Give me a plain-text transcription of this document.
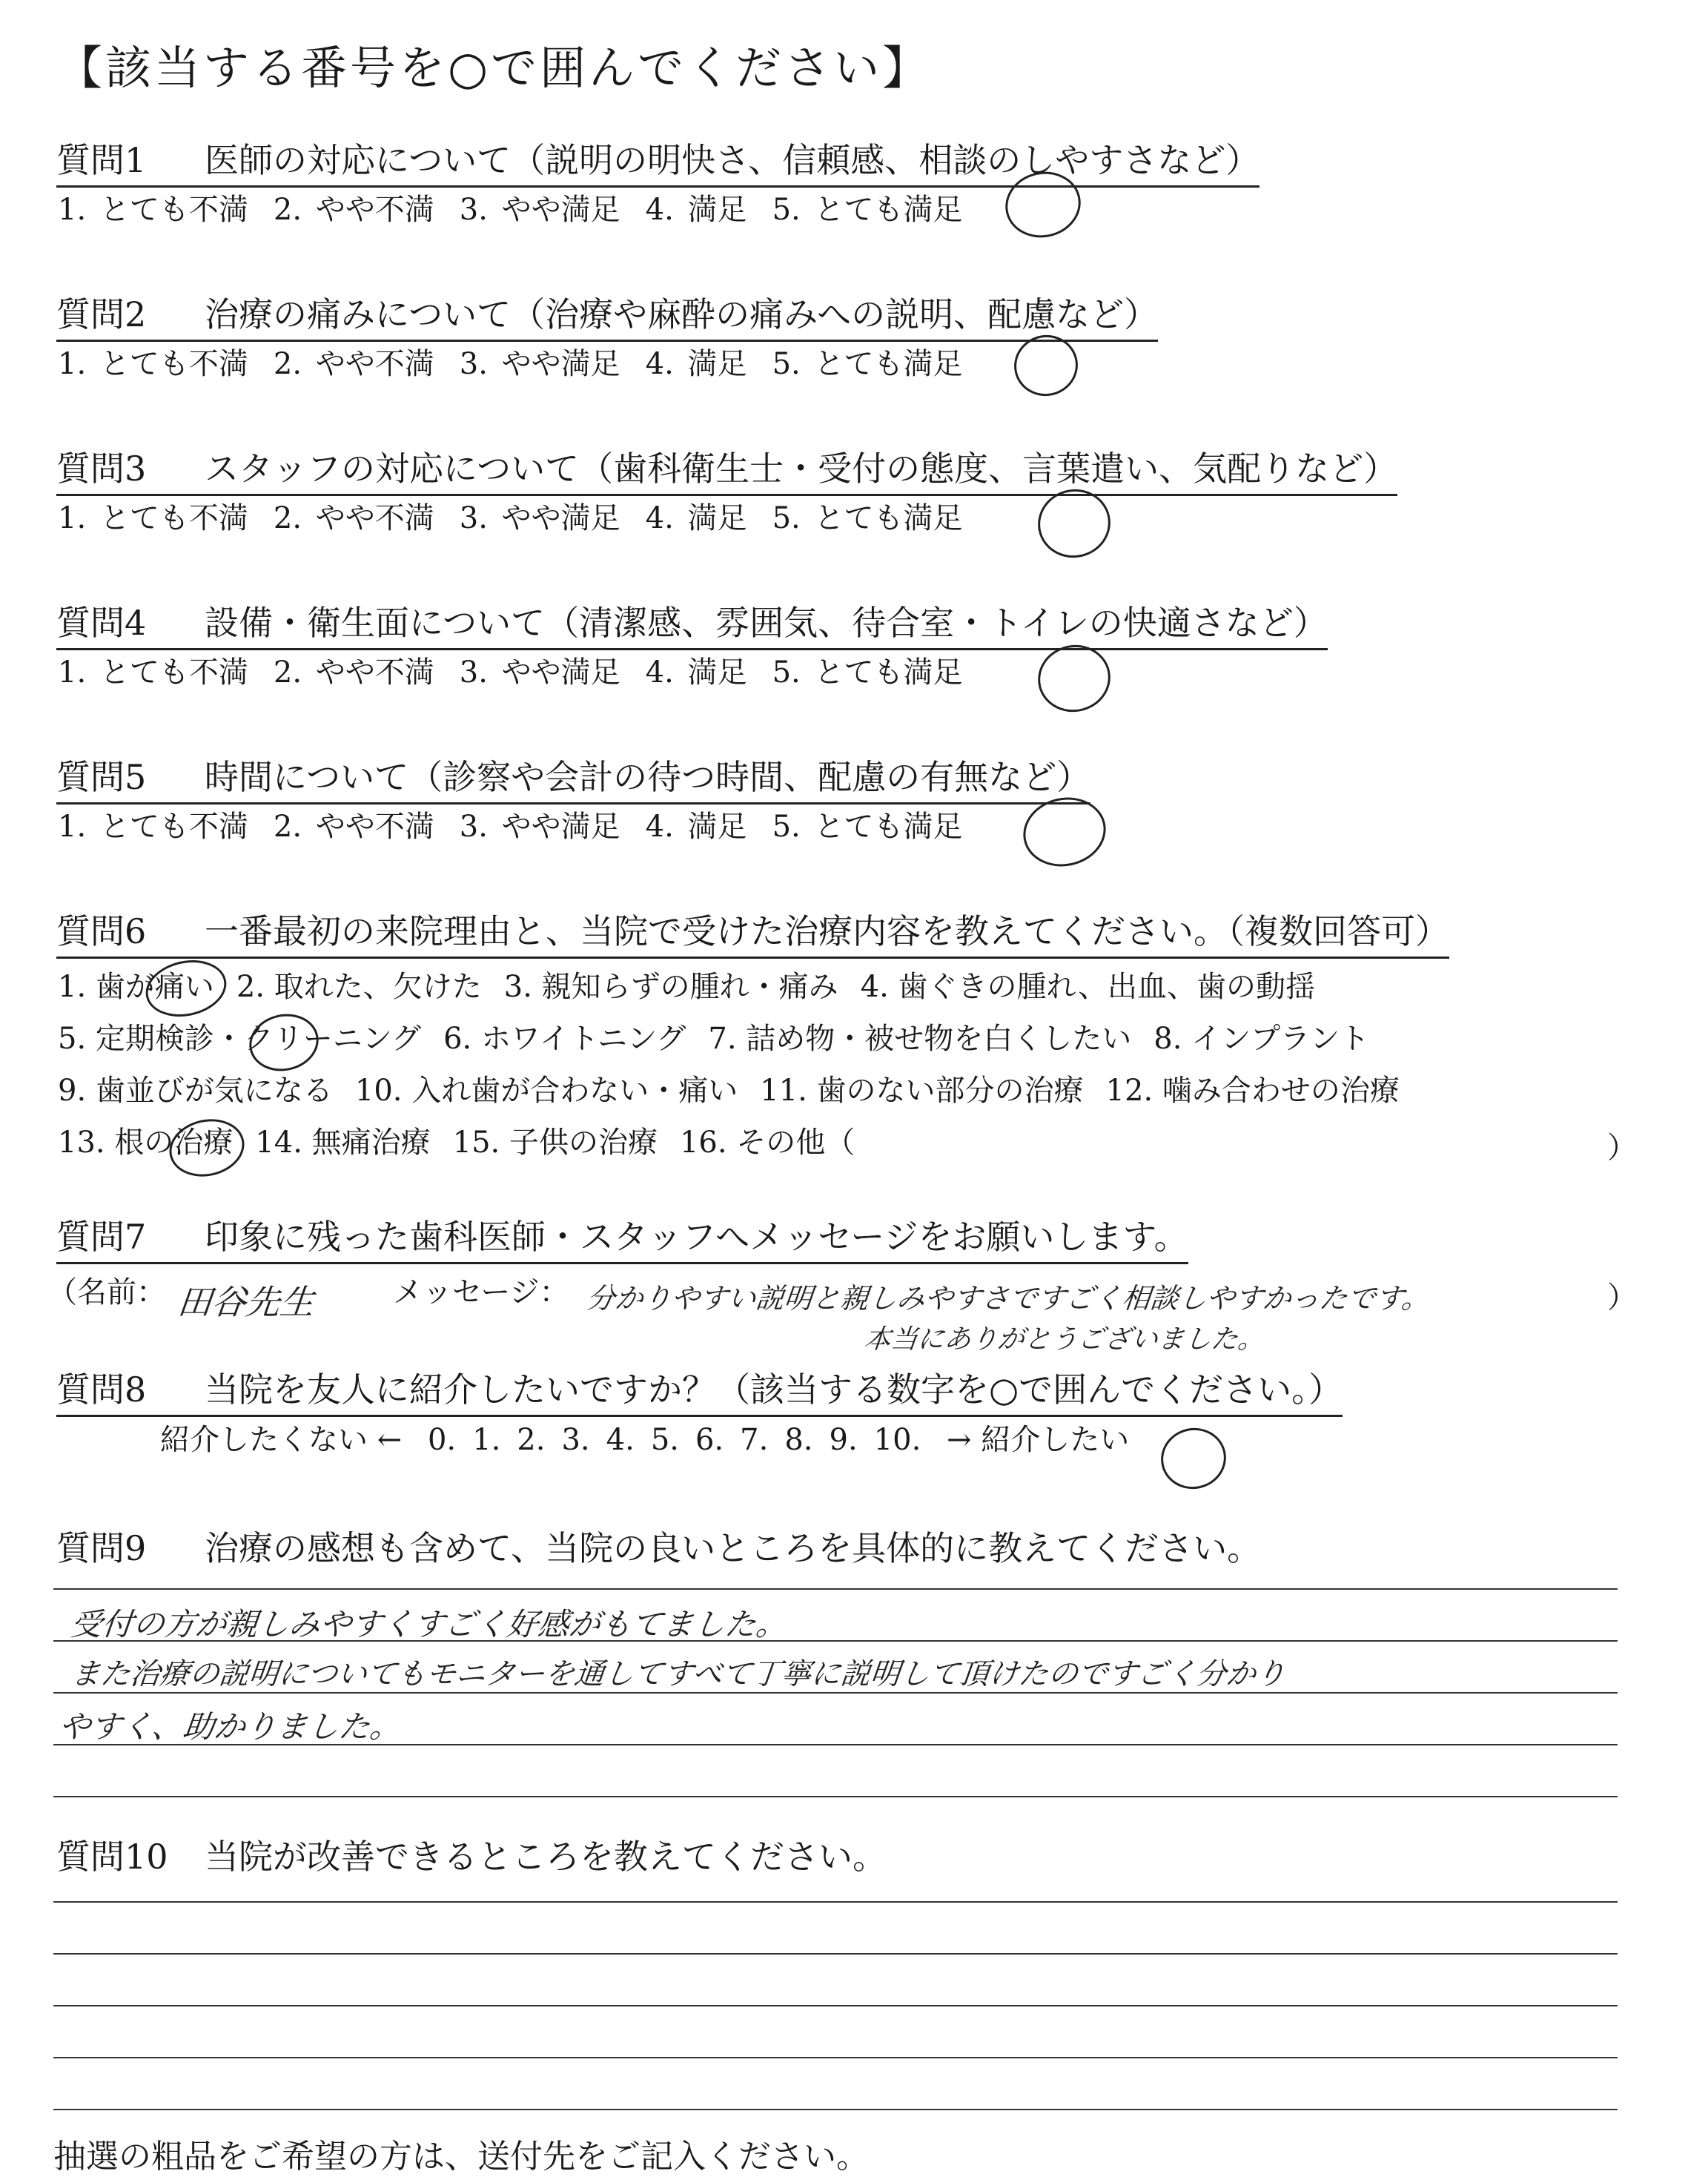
【該当する番号を○で囲んでください】
質問1 医師の対応について（説明の明快さ、信頼感、相談のしやすさなど）
1. とても不満 2. やや不満 3. やや満足 4. 満足 5. とても満足
質問2 治療の痛みについて（治療や麻酔の痛みへの説明、配慮など）
1. とても不満 2. やや不満 3. やや満足 4. 満足 5. とても満足
質問3 スタッフの対応について（歯科衛生士・受付の態度、言葉遣い、気配りなど）
1. とても不満 2. やや不満 3. やや満足 4. 満足 5. とても満足
質問4 設備・衛生面について（清潔感、雰囲気、待合室・トイレの快適さなど）
1. とても不満 2. やや不満 3. やや満足 4. 満足 5. とても満足
質問5 時間について（診察や会計の待つ時間、配慮の有無など）
1. とても不満 2. やや不満 3. やや満足 4. 満足 5. とても満足
質問6 一番最初の来院理由と、当院で受けた治療内容を教えてください。（複数回答可）
1. 歯が痛い 2. 取れた、欠けた 3. 親知らずの腫れ・痛み 4. 歯ぐきの腫れ、出血、歯の動揺
5. 定期検診・クリーニング 6. ホワイトニング 7. 詰め物・被せ物を白くしたい 8. インプラント
9. 歯並びが気になる 10. 入れ歯が合わない・痛い 11. 歯のない部分の治療 12. 噛み合わせの治療
13. 根の治療 14. 無痛治療 15. 子供の治療 16. その他（	）
質問7 印象に残った歯科医師・スタッフへメッセージをお願いします。
（名前： 田谷先生	メッセージ： 分かりやすい説明と親しみやすさですごく相談しやすかったです。
本当にありがとうございました。
）
質問8 当院を友人に紹介したいですか？（該当する数字を○で囲んでください。）
紹介したくない ← 0. 1. 2. 3. 4. 5. 6. 7. 8. 9. 10. → 紹介したい
質問9 治療の感想も含めて、当院の良いところを具体的に教えてください。
受付の方が親しみやすくすごく好感がもてました。
また治療の説明についてもモニターを通してすべて丁寧に説明して頂けたのですごく分かり
やすく、助かりました。
質問10 当院が改善できるところを教えてください。
抽選の粗品をご希望の方は、送付先をご記入ください。
